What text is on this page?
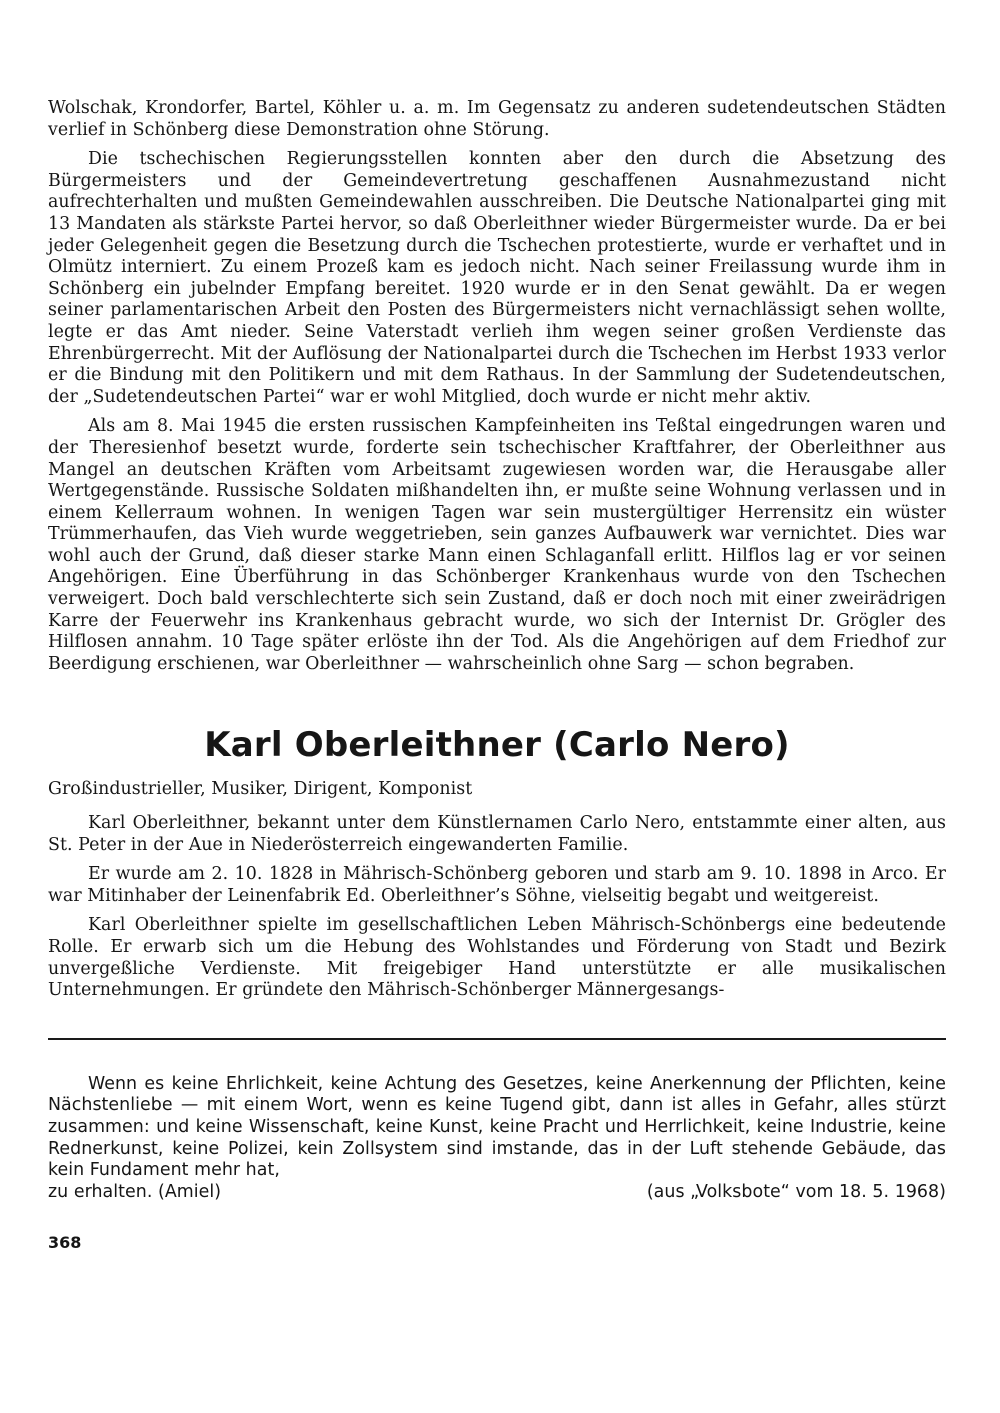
Wolschak, Krondorfer, Bartel, Köhler u. a. m. Im Gegensatz zu anderen sudetendeutschen Städten verlief in Schönberg diese Demonstration ohne Störung.

Die tschechischen Regierungsstellen konnten aber den durch die Absetzung des Bürgermeisters und der Gemeindevertretung geschaffenen Ausnahmezustand nicht aufrechterhalten und mußten Gemeindewahlen ausschreiben. Die Deutsche Nationalpartei ging mit 13 Mandaten als stärkste Partei hervor, so daß Oberleithner wieder Bürgermeister wurde. Da er bei jeder Gelegenheit gegen die Besetzung durch die Tschechen protestierte, wurde er verhaftet und in Olmütz interniert. Zu einem Prozeß kam es jedoch nicht. Nach seiner Freilassung wurde ihm in Schönberg ein jubelnder Empfang bereitet. 1920 wurde er in den Senat gewählt. Da er wegen seiner parlamentarischen Arbeit den Posten des Bürgermeisters nicht vernachlässigt sehen wollte, legte er das Amt nieder. Seine Vaterstadt verlieh ihm wegen seiner großen Verdienste das Ehrenbürgerrecht. Mit der Auflösung der Nationalpartei durch die Tschechen im Herbst 1933 verlor er die Bindung mit den Politikern und mit dem Rathaus. In der Sammlung der Sudetendeutschen, der „Sudetendeutschen Partei“ war er wohl Mitglied, doch wurde er nicht mehr aktiv.

Als am 8. Mai 1945 die ersten russischen Kampfeinheiten ins Teßtal eingedrungen waren und der Theresienhof besetzt wurde, forderte sein tschechischer Kraftfahrer, der Oberleithner aus Mangel an deutschen Kräften vom Arbeitsamt zugewiesen worden war, die Herausgabe aller Wertgegenstände. Russische Soldaten mißhandelten ihn, er mußte seine Wohnung verlassen und in einem Kellerraum wohnen. In wenigen Tagen war sein mustergültiger Herrensitz ein wüster Trümmerhaufen, das Vieh wurde weggetrieben, sein ganzes Aufbauwerk war vernichtet. Dies war wohl auch der Grund, daß dieser starke Mann einen Schlaganfall erlitt. Hilflos lag er vor seinen Angehörigen. Eine Überführung in das Schönberger Krankenhaus wurde von den Tschechen verweigert. Doch bald verschlechterte sich sein Zustand, daß er doch noch mit einer zweirädrigen Karre der Feuerwehr ins Krankenhaus gebracht wurde, wo sich der Internist Dr. Grögler des Hilflosen annahm. 10 Tage später erlöste ihn der Tod. Als die Angehörigen auf dem Friedhof zur Beerdigung erschienen, war Oberleithner — wahrscheinlich ohne Sarg — schon begraben.

Karl Oberleithner (Carlo Nero)

Großindustrieller, Musiker, Dirigent, Komponist

Karl Oberleithner, bekannt unter dem Künstlernamen Carlo Nero, entstammte einer alten, aus St. Peter in der Aue in Niederösterreich eingewanderten Familie.

Er wurde am 2. 10. 1828 in Mährisch-Schönberg geboren und starb am 9. 10. 1898 in Arco. Er war Mitinhaber der Leinenfabrik Ed. Oberleithner’s Söhne, vielseitig begabt und weitgereist.

Karl Oberleithner spielte im gesellschaftlichen Leben Mährisch-Schönbergs eine bedeutende Rolle. Er erwarb sich um die Hebung des Wohlstandes und Förderung von Stadt und Bezirk unvergeßliche Verdienste. Mit freigebiger Hand unterstützte er alle musikalischen Unternehmungen. Er gründete den Mährisch-Schönberger Männergesangs-

Wenn es keine Ehrlichkeit, keine Achtung des Gesetzes, keine Anerkennung der Pflichten, keine Nächstenliebe — mit einem Wort, wenn es keine Tugend gibt, dann ist alles in Gefahr, alles stürzt zusammen: und keine Wissenschaft, keine Kunst, keine Pracht und Herrlichkeit, keine Industrie, keine Rednerkunst, keine Polizei, kein Zollsystem sind imstande, das in der Luft stehende Gebäude, das kein Fundament mehr hat,

zu erhalten. (Amiel)	(aus „Volksbote“ vom 18. 5. 1968)

368
